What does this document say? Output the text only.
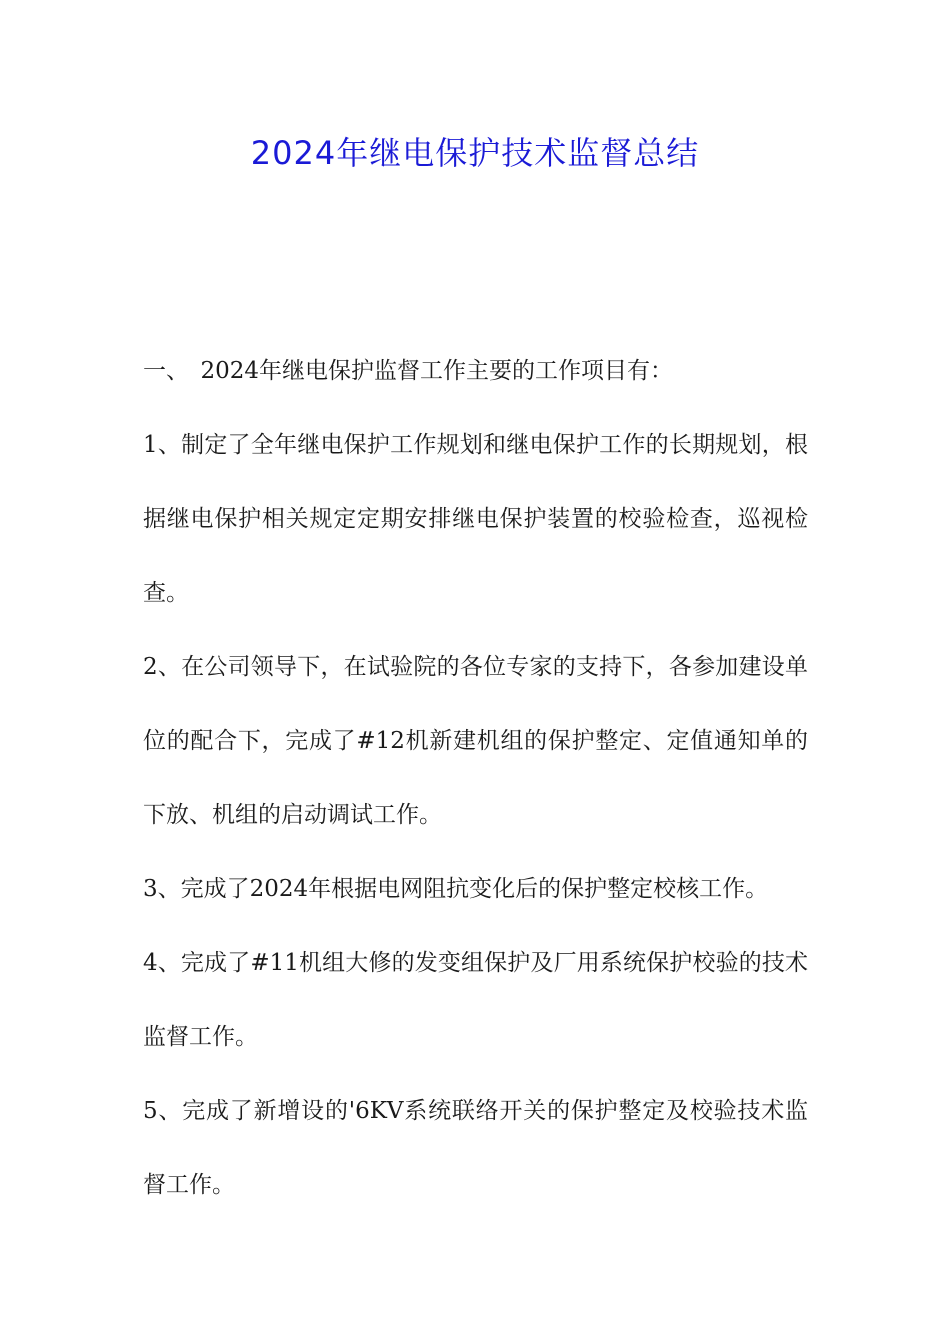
2024年继电保护技术监督总结

一、　2024年继电保护监督工作主要的工作项目有：

1、制定了全年继电保护工作规划和继电保护工作的长期规划，根据继电保护相关规定定期安排继电保护装置的校验检查，巡视检查。

2、在公司领导下，在试验院的各位专家的支持下，各参加建设单位的配合下，完成了#12机新建机组的保护整定、定值通知单的下放、机组的启动调试工作。

3、完成了2024年根据电网阻抗变化后的保护整定校核工作。

4、完成了#11机组大修的发变组保护及厂用系统保护校验的技术监督工作。

5、完成了新增设的'6KV系统联络开关的保护整定及校验技术监督工作。
